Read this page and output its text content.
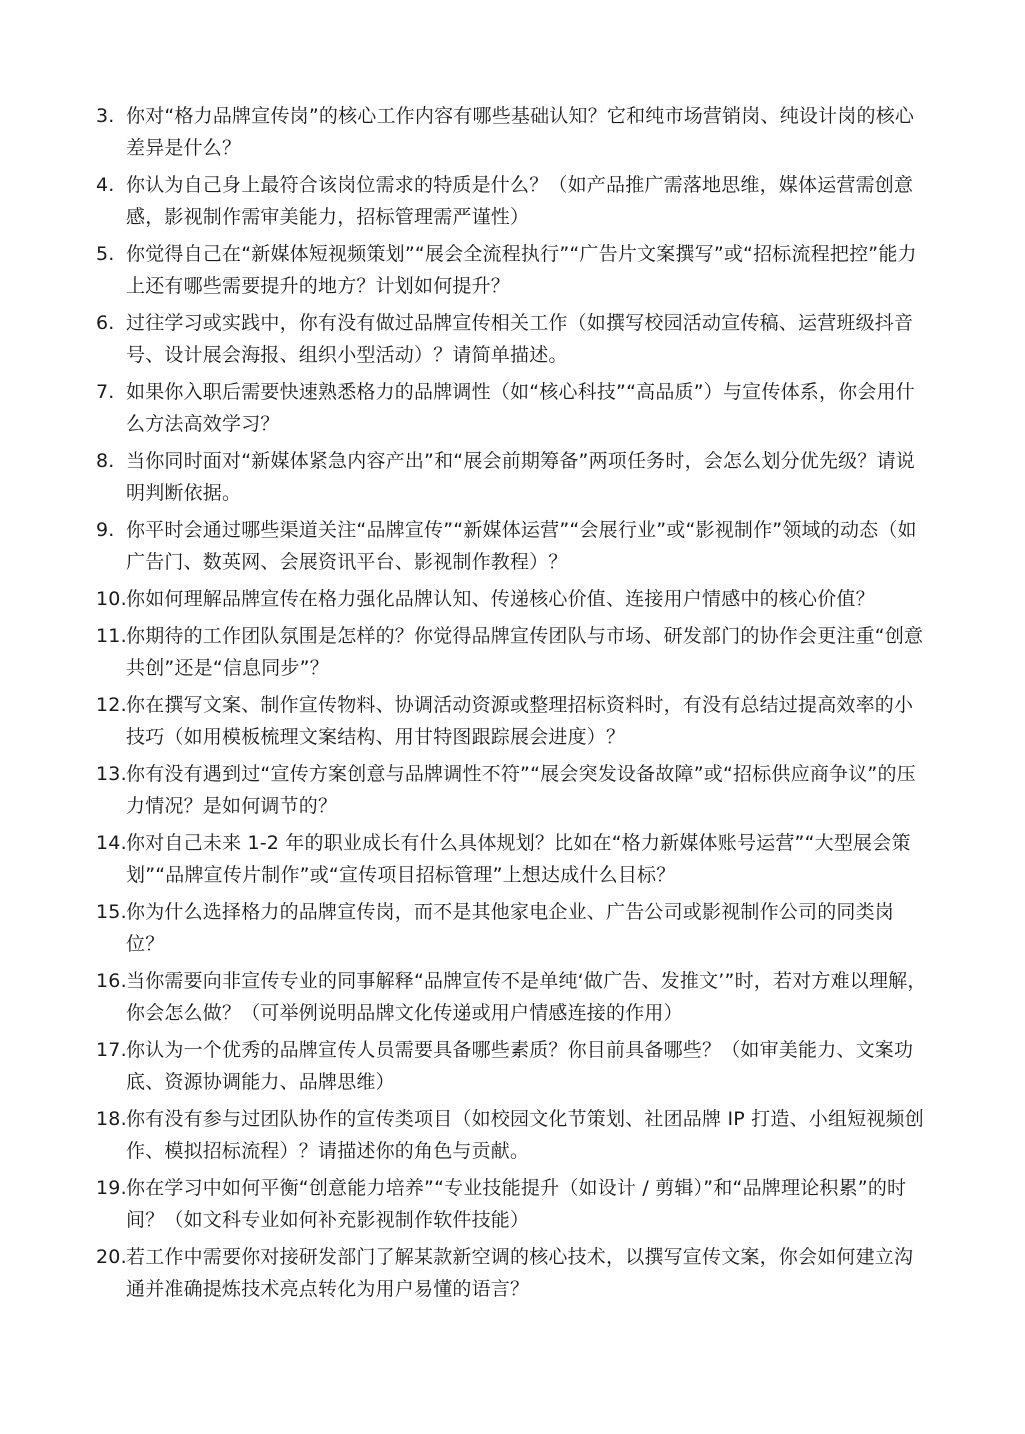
3. 你对“格力品牌宣传岗”的核心工作内容有哪些基础认知？它和纯市场营销岗、纯设计岗的核心差异是什么？
4. 你认为自己身上最符合该岗位需求的特质是什么？（如产品推广需落地思维，媒体运营需创意感，影视制作需审美能力，招标管理需严谨性）
5. 你觉得自己在“新媒体短视频策划”“展会全流程执行”“广告片文案撰写”或“招标流程把控”能力上还有哪些需要提升的地方？计划如何提升？
6. 过往学习或实践中，你有没有做过品牌宣传相关工作（如撰写校园活动宣传稿、运营班级抖音号、设计展会海报、组织小型活动）？请简单描述。
7. 如果你入职后需要快速熟悉格力的品牌调性（如“核心科技”“高品质”）与宣传体系，你会用什么方法高效学习？
8. 当你同时面对“新媒体紧急内容产出”和“展会前期筹备”两项任务时，会怎么划分优先级？请说明判断依据。
9. 你平时会通过哪些渠道关注“品牌宣传”“新媒体运营”“会展行业”或“影视制作”领域的动态（如广告门、数英网、会展资讯平台、影视制作教程）？
10. 你如何理解品牌宣传在格力强化品牌认知、传递核心价值、连接用户情感中的核心价值？
11. 你期待的工作团队氛围是怎样的？你觉得品牌宣传团队与市场、研发部门的协作会更注重“创意共创”还是“信息同步”？
12. 你在撰写文案、制作宣传物料、协调活动资源或整理招标资料时，有没有总结过提高效率的小技巧（如用模板梳理文案结构、用甘特图跟踪展会进度）？
13. 你有没有遇到过“宣传方案创意与品牌调性不符”“展会突发设备故障”或“招标供应商争议”的压力情况？是如何调节的？
14. 你对自己未来 1-2 年的职业成长有什么具体规划？比如在“格力新媒体账号运营”“大型展会策划”“品牌宣传片制作”或“宣传项目招标管理”上想达成什么目标？
15. 你为什么选择格力的品牌宣传岗，而不是其他家电企业、广告公司或影视制作公司的同类岗位？
16. 当你需要向非宣传专业的同事解释“品牌宣传不是单纯‘做广告、发推文’”时，若对方难以理解，你会怎么做？（可举例说明品牌文化传递或用户情感连接的作用）
17. 你认为一个优秀的品牌宣传人员需要具备哪些素质？你目前具备哪些？（如审美能力、文案功底、资源协调能力、品牌思维）
18. 你有没有参与过团队协作的宣传类项目（如校园文化节策划、社团品牌 IP 打造、小组短视频创作、模拟招标流程）？请描述你的角色与贡献。
19. 你在学习中如何平衡“创意能力培养”“专业技能提升（如设计 / 剪辑）”和“品牌理论积累”的时间？（如文科专业如何补充影视制作软件技能）
20. 若工作中需要你对接研发部门了解某款新空调的核心技术，以撰写宣传文案，你会如何建立沟通并准确提炼技术亮点转化为用户易懂的语言？
